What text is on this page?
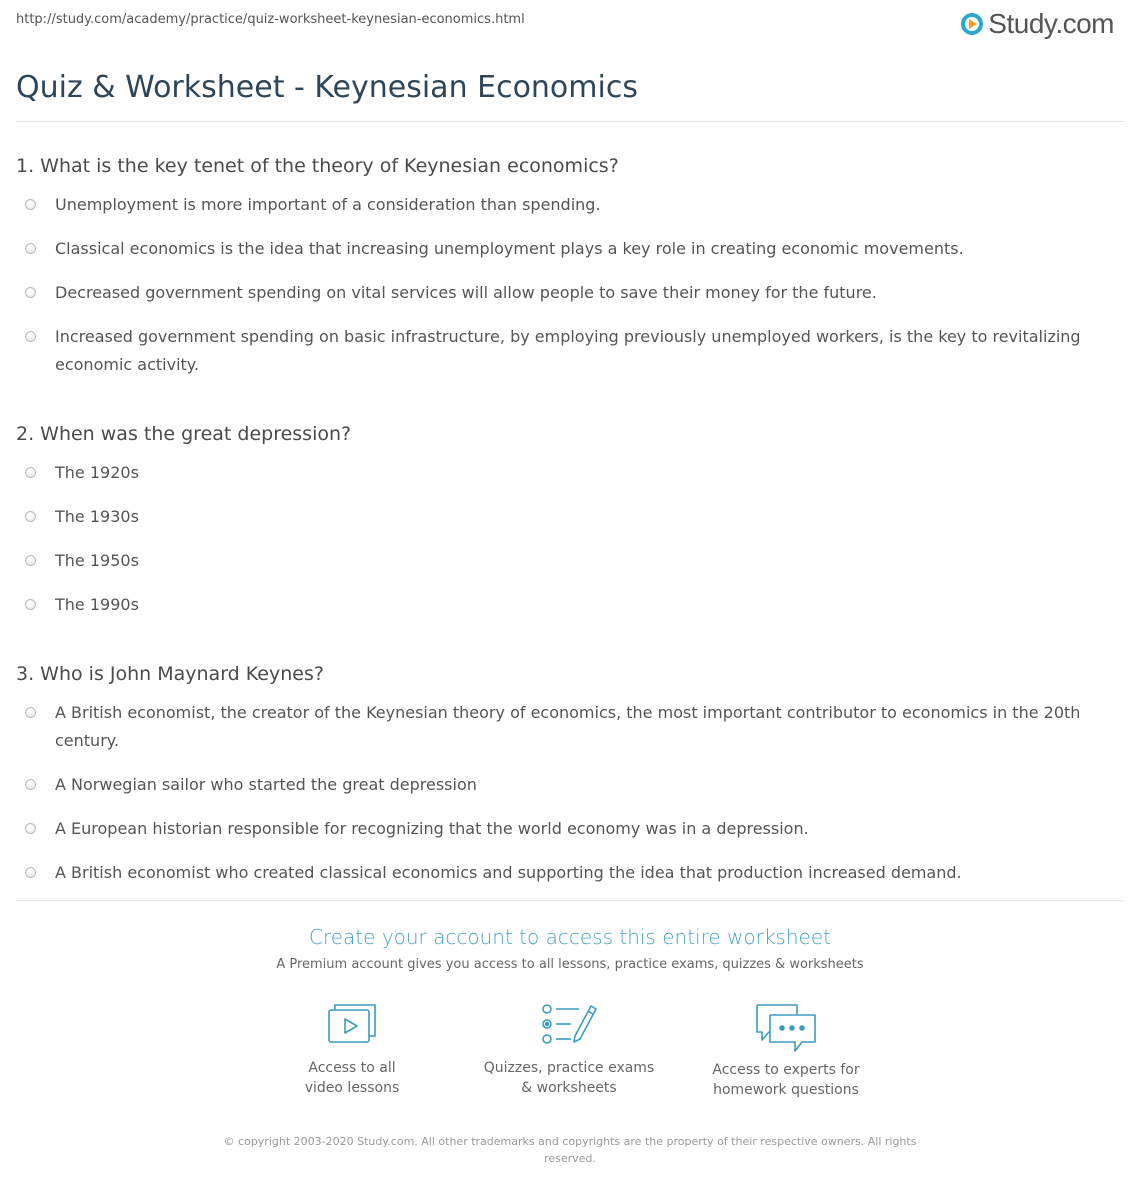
http://study.com/academy/practice/quiz-worksheet-keynesian-economics.html	Study.com
Quiz & Worksheet - Keynesian Economics
1. What is the key tenet of the theory of Keynesian economics?
Unemployment is more important of a consideration than spending.
Classical economics is the idea that increasing unemployment plays a key role in creating economic movements.
Decreased government spending on vital services will allow people to save their money for the future.
Increased government spending on basic infrastructure, by employing previously unemployed workers, is the key to revitalizing economic activity.
2. When was the great depression?
The 1920s
The 1930s
The 1950s
The 1990s
3. Who is John Maynard Keynes?
A British economist, the creator of the Keynesian theory of economics, the most important contributor to economics in the 20th century.
A Norwegian sailor who started the great depression
A European historian responsible for recognizing that the world economy was in a depression.
A British economist who created classical economics and supporting the idea that production increased demand.
Create your account to access this entire worksheet
A Premium account gives you access to all lessons, practice exams, quizzes & worksheets
Access to all
video lessons
Quizzes, practice exams
& worksheets
Access to experts for
homework questions
© copyright 2003-2020 Study.com. All other trademarks and copyrights are the property of their respective owners. All rights
reserved.
